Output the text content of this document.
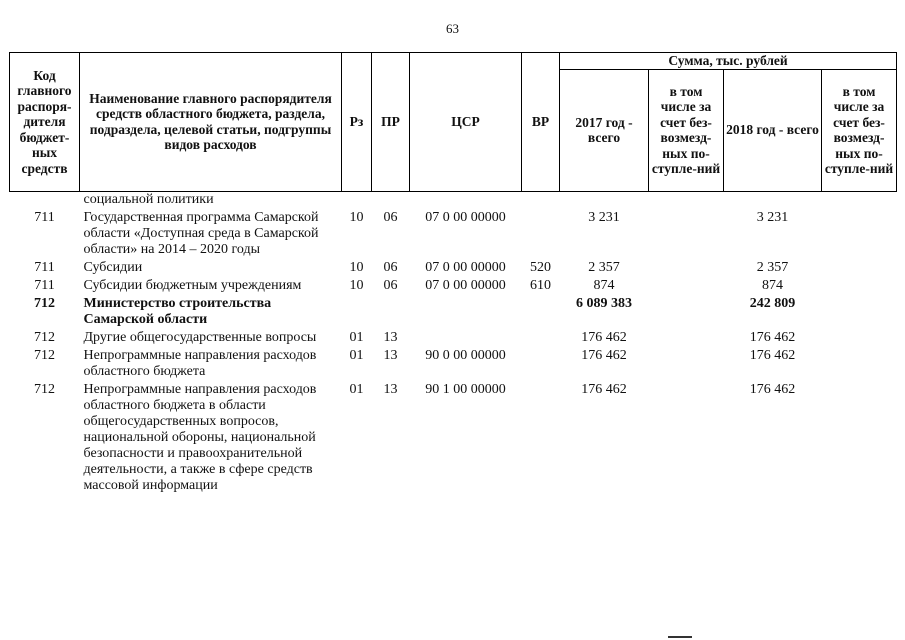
63
Код главного распоря-дителя бюджет-ных средств	Наименование главного распорядителя средств областного бюджета, раздела, подраздела, целевой статьи, подгруппы видов расходов	Рз	ПР	ЦСР	ВР	Сумма, тыс. рублей			
						2017 год - всего	в том числе за счет без-возмезд-ных по-ступле-ний	2018 год - всего	в том числе за счет без-возмезд-ных по-ступле-ний
	социальной политики								
711	Государственная программа Самарской области «Доступная среда в Самарской области» на 2014 – 2020 годы	10	06	07 0 00 00000		3 231		3 231	
711	Субсидии	10	06	07 0 00 00000	520	2 357		2 357	
711	Субсидии бюджетным учреждениям	10	06	07 0 00 00000	610	874		874	
712	Министерство строительства Самарской области					6 089 383		242 809	
712	Другие общегосударственные вопросы	01	13			176 462		176 462	
712	Непрограммные направления расходов областного бюджета	01	13	90 0 00 00000		176 462		176 462	
712	Непрограммные направления расходов областного бюджета в области общегосударственных вопросов, национальной обороны, национальной безопасности и правоохранительной деятельности, а также в сфере средств массовой информации	01	13	90 1 00 00000		176 462		176 462	
